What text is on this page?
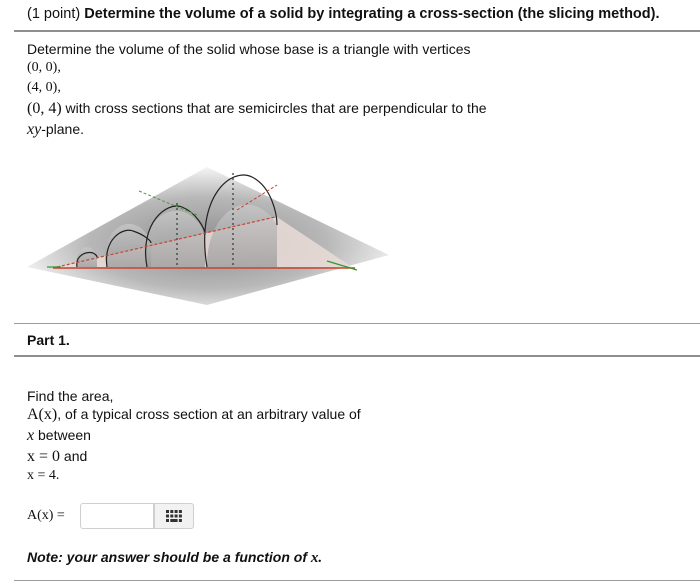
(1 point) Determine the volume of a solid by integrating a cross-section (the slicing method).
Determine the volume of the solid whose base is a triangle with vertices
(0, 0),
(4, 0),
(0, 4) with cross sections that are semicircles that are perpendicular to the
xy-plane.
Part 1.
Find the area,
A(x), of a typical cross section at an arbitrary value of
x between
x = 0 and
x = 4.
A(x) =
Note: your answer should be a function of x.
